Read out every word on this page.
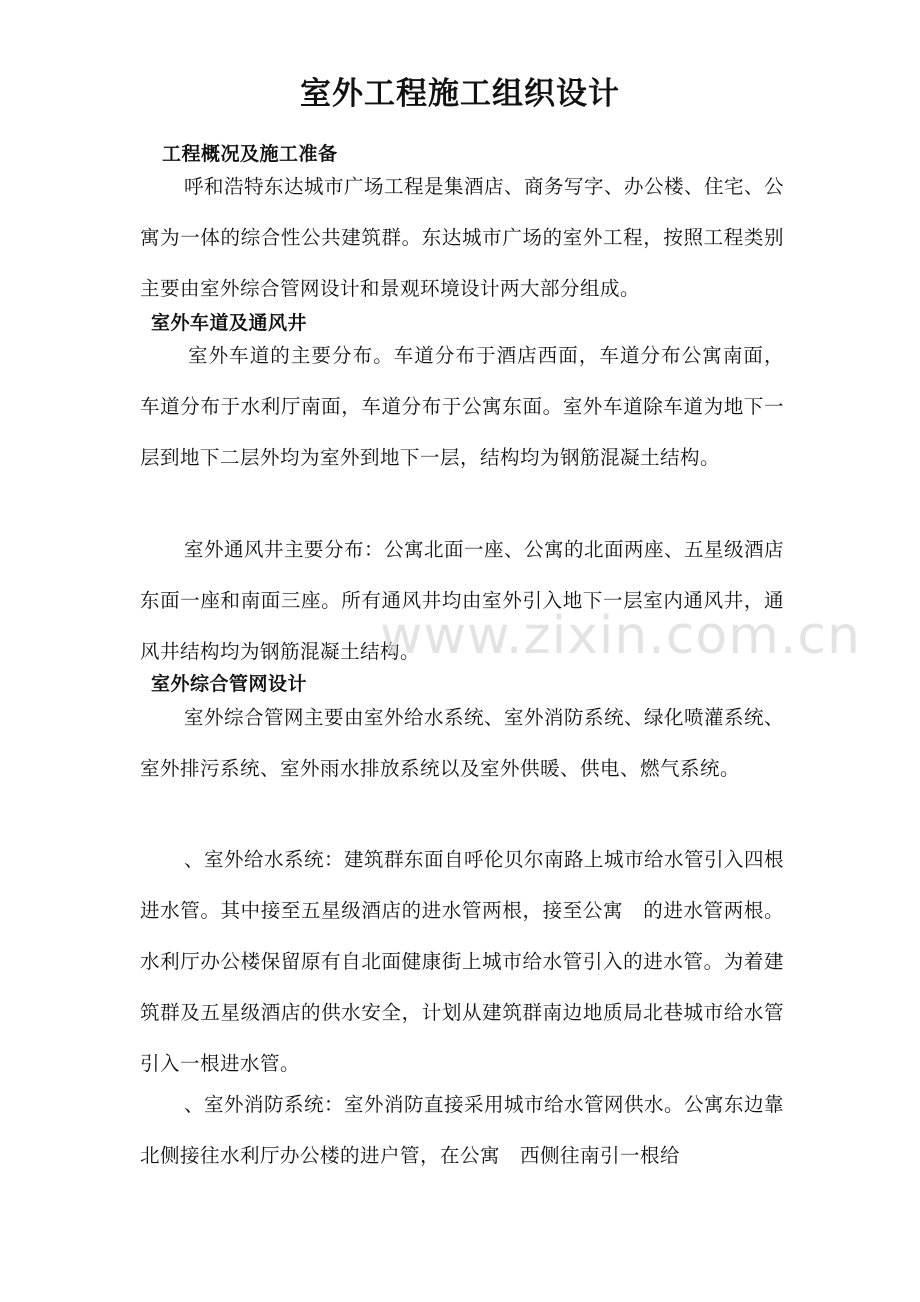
室外工程施工组织设计
工程概况及施工准备
呼和浩特东达城市广场工程是集酒店、商务写字、办公楼、住宅、公寓为一体的综合性公共建筑群。东达城市广场的室外工程，按照工程类别主要由室外综合管网设计和景观环境设计两大部分组成。
室外车道及通风井
室外车道的主要分布。车道分布于酒店西面，车道分布公寓南面，车道分布于水利厅南面，车道分布于公寓东面。室外车道除车道为地下一层到地下二层外均为室外到地下一层，结构均为钢筋混凝土结构。
室外通风井主要分布：公寓北面一座、公寓的北面两座、五星级酒店东面一座和南面三座。所有通风井均由室外引入地下一层室内通风井，通风井结构均为钢筋混凝土结构。
室外综合管网设计
室外综合管网主要由室外给水系统、室外消防系统、绿化喷灌系统、室外排污系统、室外雨水排放系统以及室外供暖、供电、燃气系统。
、室外给水系统：建筑群东面自呼伦贝尔南路上城市给水管引入四根进水管。其中接至五星级酒店的进水管两根，接至公寓　的进水管两根。水利厅办公楼保留原有自北面健康街上城市给水管引入的进水管。为着建筑群及五星级酒店的供水安全，计划从建筑群南边地质局北巷城市给水管引入一根进水管。
、室外消防系统：室外消防直接采用城市给水管网供水。公寓东边靠北侧接往水利厅办公楼的进户管，在公寓　西侧往南引一根给
www.zixin.com.cn
